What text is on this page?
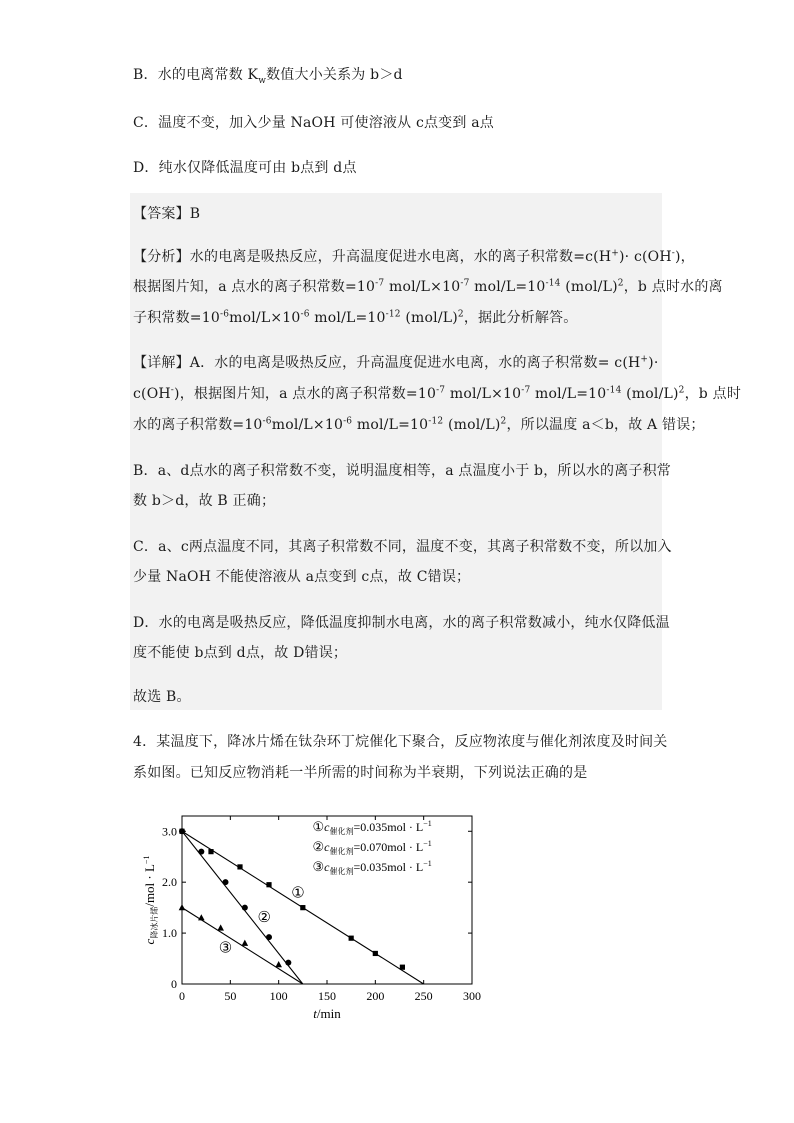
B．水的电离常数 $K_w$数值大小关系为 b＞d
C．温度不变，加入少量 NaOH 可使溶液从 c点变到 a点
D．纯水仅降低温度可由 b点到 d点
【答案】B
【分析】水的电离是吸热反应，升高温度促进水电离，水的离子积常数=c(H+)· c(OH-)，
根据图片知，a 点水的离子积常数$=10^{-7}$ mol/$L\times 10^{-7}$ mol/$L=10^{-14}$ $(mol/L)^2$，b 点时水的离
子积常数$=10^{-6}mol/L\times 10^{-6}$ mol/$L=10^{-12}$ $(mol/L)^2$，据此分析解答。
【详解】A．水的电离是吸热反应，升高温度促进水电离，水的离子积常数= c(H+)·
c(OH-)，根据图片知，a 点水的离子积常数$=10^{-7}$ mol/$L\times 10^{-7}$ mol/$L=10^{-14}$ $(mol/L)^2$，b 点时
水的离子积常数$=10^{-6}mol/L\times 10^{-6}$ mol/$L=10^{-12}$ $(mol/L)^2$，所以温度 a＜b，故 A 错误；
B．a、d点水的离子积常数不变，说明温度相等，a 点温度小于 b，所以水的离子积常
数 b＞d，故 B 正确；
C．a、c两点温度不同，其离子积常数不同，温度不变，其离子积常数不变，所以加入
少量 NaOH 不能使溶液从 a点变到 c点，故 C错误；
D．水的电离是吸热反应，降低温度抑制水电离，水的离子积常数减小，纯水仅降低温
度不能使 b点到 d点，故 D错误；
故选 B。
4．某温度下，降冰片烯在钛杂环丁烷催化下聚合，反应物浓度与催化剂浓度及时间关
系如图。已知反应物消耗一半所需的时间称为半衰期，下列说法正确的是
0	50	100	150	200	250	300
0
1.0
2.0
3.0
t/min
$c_{降冰片烯}$/mol · $L^{-1}$
①
②
③
$①c_{催化剂}=0.035mol \cdot L^{-1}$
$②c_{催化剂}=0.070mol \cdot L^{-1}$
$③c_{催化剂}=0.035mol \cdot L^{-1}$
